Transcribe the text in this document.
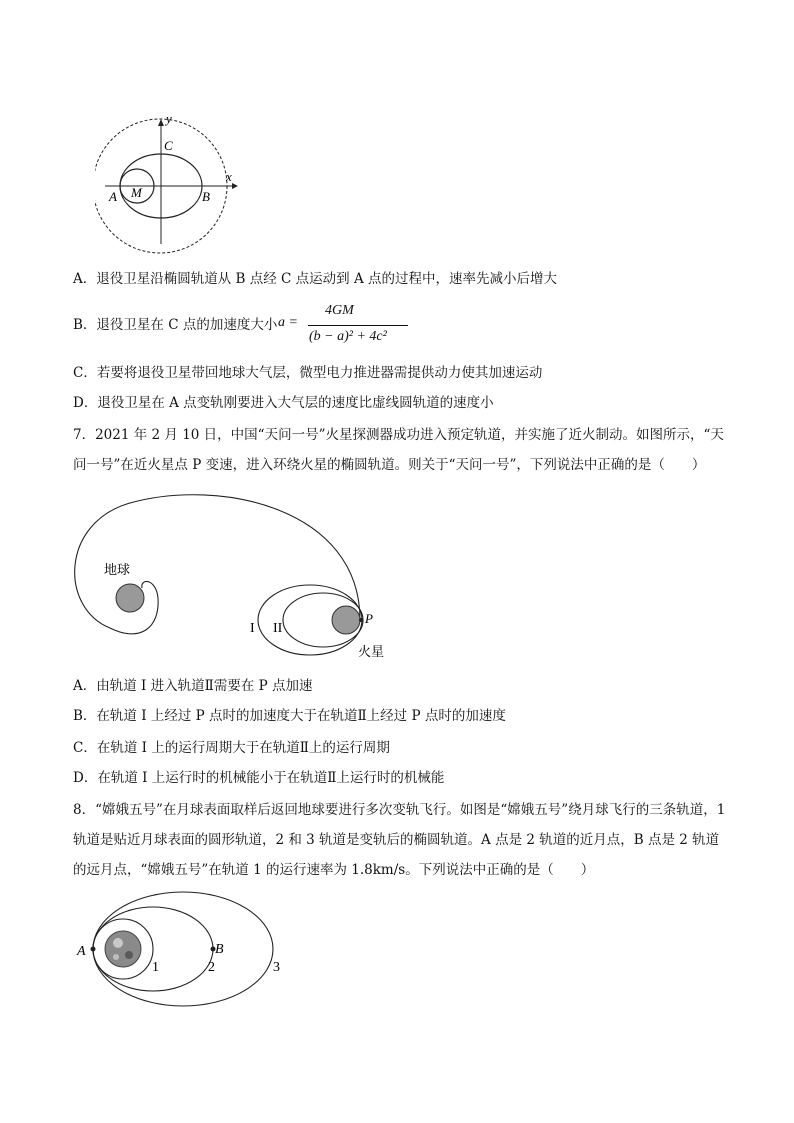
y
x
C
A M	B
A．退役卫星沿椭圆轨道从 B 点经 C 点运动到 A 点的过程中，速率先减小后增大
B．退役卫星在 C 点的加速度大小 a =
4GM
(b − a)² + 4c²
C．若要将退役卫星带回地球大气层，微型电力推进器需提供动力使其加速运动
D．退役卫星在 A 点变轨刚要进入大气层的速度比虚线圆轨道的速度小
7．2021 年 2 月 10 日，中国“天问一号”火星探测器成功进入预定轨道，并实施了近火制动。如图所示，“天
问一号”在近火星点 P 变速，进入环绕火星的椭圆轨道。则关于“天问一号”，下列说法中正确的是（　　）
地球
I II
P
火星
A．由轨道 I 进入轨道Ⅱ需要在 P 点加速
B．在轨道 I 上经过 P 点时的加速度大于在轨道Ⅱ上经过 P 点时的加速度
C．在轨道 I 上的运行周期大于在轨道Ⅱ上的运行周期
D．在轨道 I 上运行时的机械能小于在轨道Ⅱ上运行时的机械能
8．“嫦娥五号”在月球表面取样后返回地球要进行多次变轨飞行。如图是“嫦娥五号”绕月球飞行的三条轨道，1
轨道是贴近月球表面的圆形轨道，2 和 3 轨道是变轨后的椭圆轨道。A 点是 2 轨道的近月点，B 点是 2 轨道
的远月点，“嫦娥五号”在轨道 1 的运行速率为 1.8km/s。下列说法中正确的是（　　）
A	B
1	2	3
